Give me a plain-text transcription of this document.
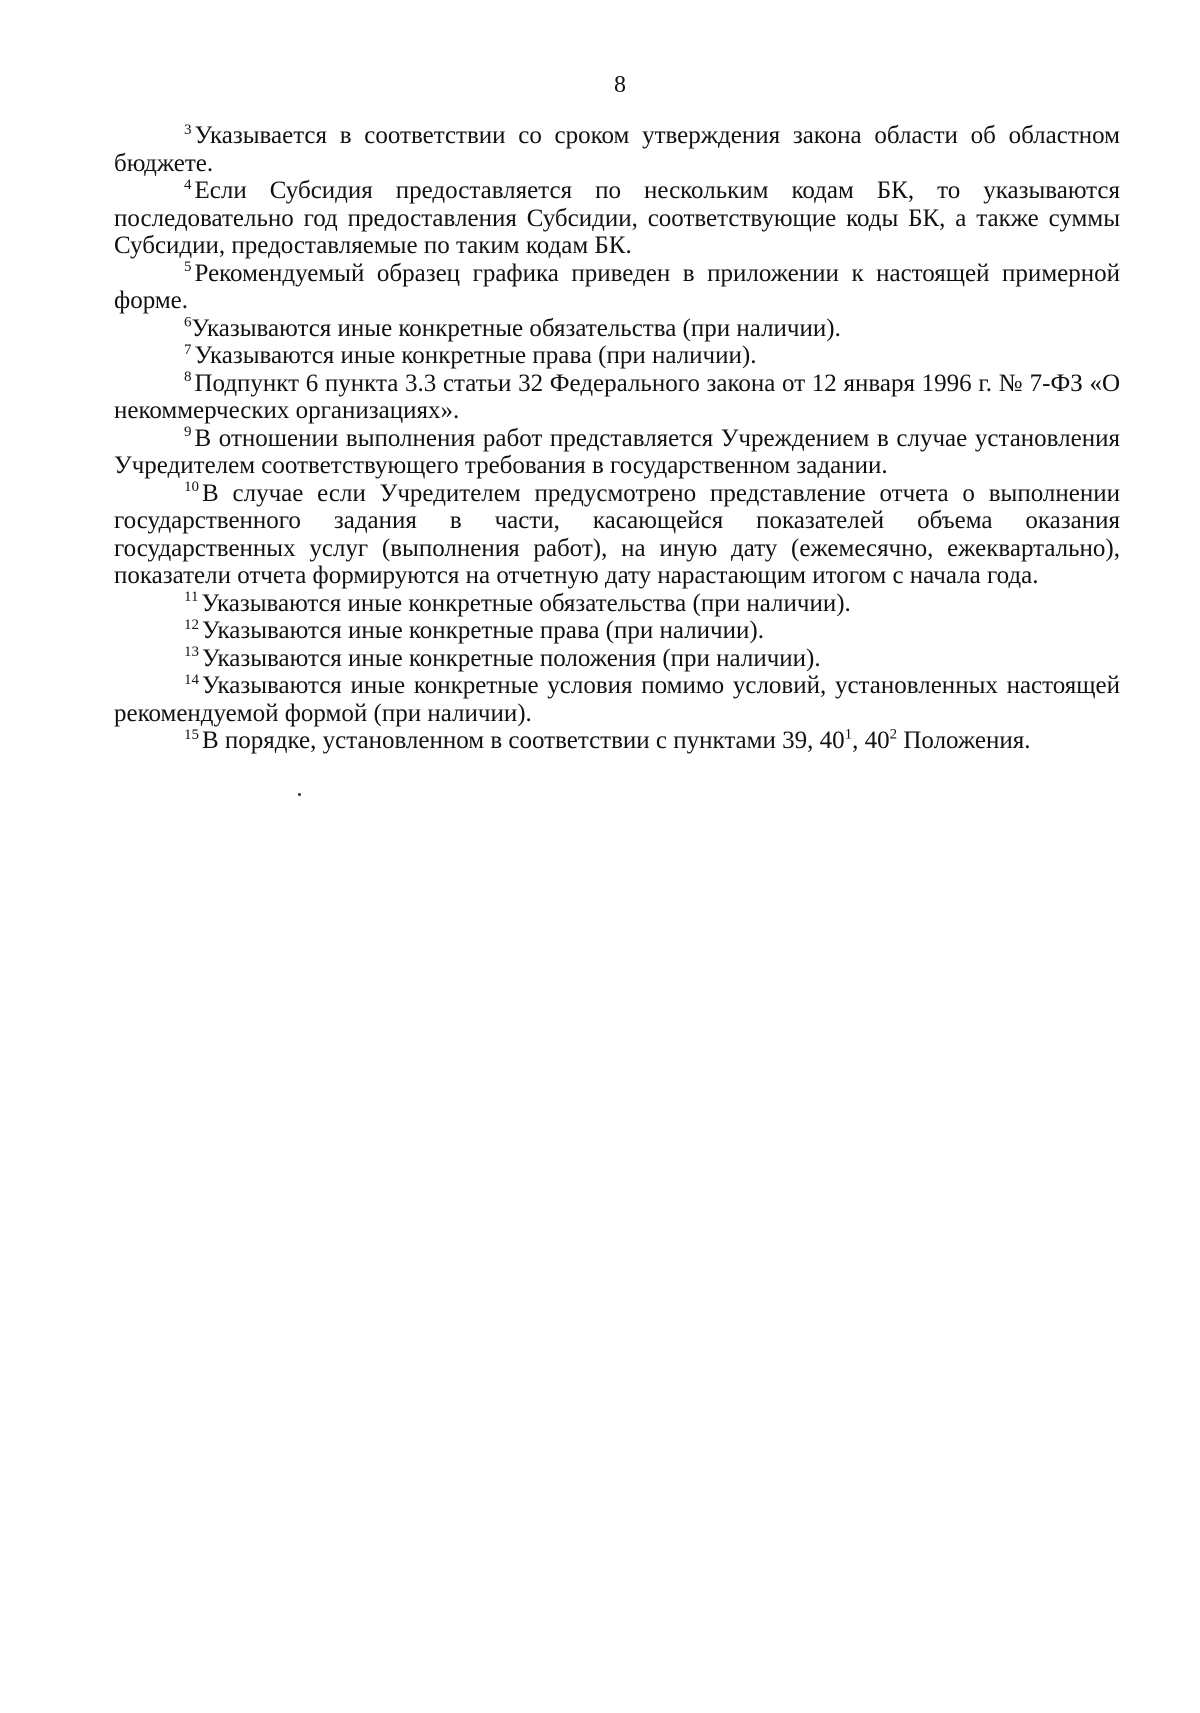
8

$^3$ Указывается в соответствии со сроком утверждения закона области об областном бюджете.

$^4$ Если Субсидия предоставляется по нескольким кодам БК, то указываются последовательно год предоставления Субсидии, соответствующие коды БК, а также суммы Субсидии, предоставляемые по таким кодам БК.

$^5$ Рекомендуемый образец графика приведен в приложении к настоящей примерной форме.

$^6$Указываются иные конкретные обязательства (при наличии).

$^7$ Указываются иные конкретные права (при наличии).

$^8$ Подпункт 6 пункта 3.3 статьи 32 Федерального закона от 12 января 1996 г. № 7-ФЗ «О некоммерческих организациях».

$^9$ В отношении выполнения работ представляется Учреждением в случае установления Учредителем соответствующего требования в государственном задании.

$^{10}$ В случае если Учредителем предусмотрено представление отчета о выполнении государственного задания в части, касающейся показателей объема оказания государственных услуг (выполнения работ), на иную дату (ежемесячно, ежеквартально), показатели отчета формируются на отчетную дату нарастающим итогом с начала года.

$^{11}$ Указываются иные конкретные обязательства (при наличии).

$^{12}$ Указываются иные конкретные права (при наличии).

$^{13}$ Указываются иные конкретные положения (при наличии).

$^{14}$ Указываются иные конкретные условия помимо условий, установленных настоящей рекомендуемой формой (при наличии).

$^{15}$ В порядке, установленном в соответствии с пунктами 39, $40^1$, $40^2$ Положения.
